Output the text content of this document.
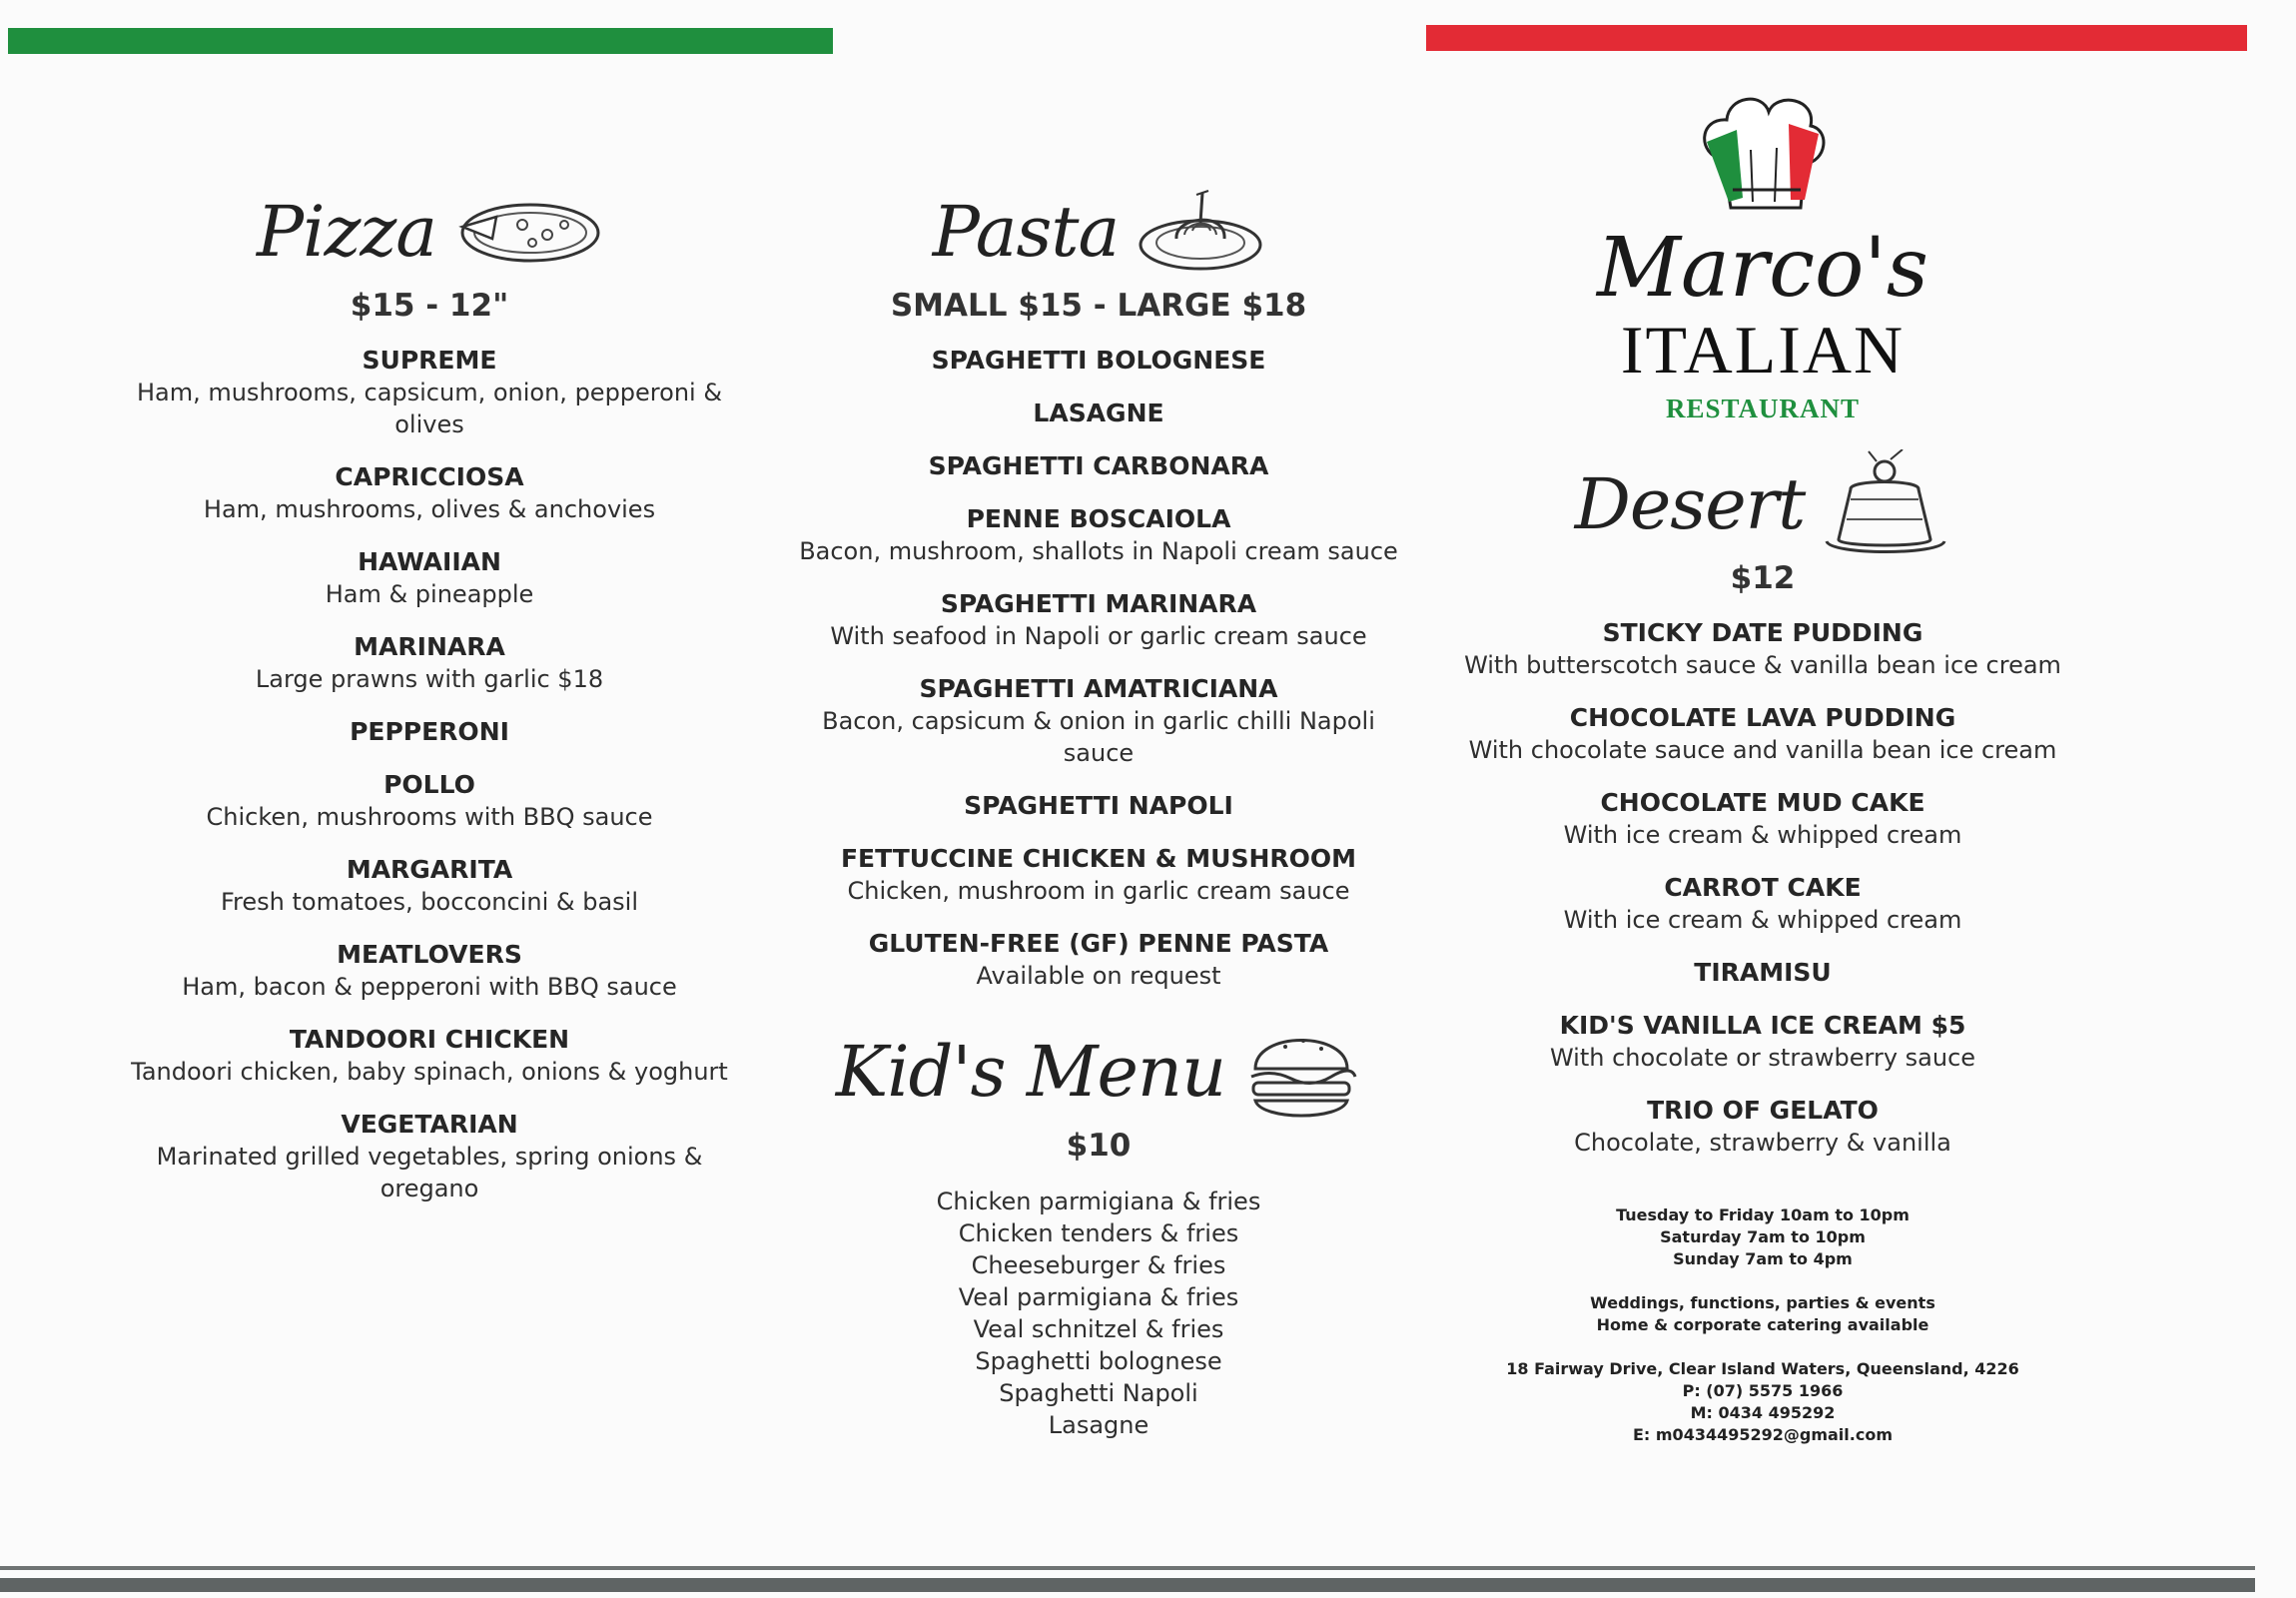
Pizza
$15 - 12"
SUPREME
Ham, mushrooms, capsicum, onion, pepperoni & olives
CAPRICCIOSA
Ham, mushrooms, olives & anchovies
HAWAIIAN
Ham & pineapple
MARINARA
Large prawns with garlic $18
PEPPERONI
POLLO
Chicken, mushrooms with BBQ sauce
MARGARITA
Fresh tomatoes, bocconcini & basil
MEATLOVERS
Ham, bacon & pepperoni with BBQ sauce
TANDOORI CHICKEN
Tandoori chicken, baby spinach, onions & yoghurt
VEGETARIAN
Marinated grilled vegetables, spring onions & oregano
Pasta
SMALL $15 - LARGE $18
SPAGHETTI BOLOGNESE
LASAGNE
SPAGHETTI CARBONARA
PENNE BOSCAIOLA
Bacon, mushroom, shallots in Napoli cream sauce
SPAGHETTI MARINARA
With seafood in Napoli or garlic cream sauce
SPAGHETTI AMATRICIANA
Bacon, capsicum & onion in garlic chilli Napoli sauce
SPAGHETTI NAPOLI
FETTUCCINE CHICKEN & MUSHROOM
Chicken, mushroom in garlic cream sauce
GLUTEN-FREE (GF) PENNE PASTA
Available on request
Kid's Menu
$10
Chicken parmigiana & fries
Chicken tenders & fries
Cheeseburger & fries
Veal parmigiana & fries
Veal schnitzel & fries
Spaghetti bolognese
Spaghetti Napoli
Lasagne
Marco's
ITALIAN
RESTAURANT
Desert
$12
STICKY DATE PUDDING
With butterscotch sauce & vanilla bean ice cream
CHOCOLATE LAVA PUDDING
With chocolate sauce and vanilla bean ice cream
CHOCOLATE MUD CAKE
With ice cream & whipped cream
CARROT CAKE
With ice cream & whipped cream
TIRAMISU
KID'S VANILLA ICE CREAM $5
With chocolate or strawberry sauce
TRIO OF GELATO
Chocolate, strawberry & vanilla
Tuesday to Friday 10am to 10pm
Saturday 7am to 10pm
Sunday 7am to 4pm
Weddings, functions, parties & events
Home & corporate catering available
18 Fairway Drive, Clear Island Waters, Queensland, 4226
P: (07) 5575 1966
M: 0434 495292
E: m0434495292@gmail.com
